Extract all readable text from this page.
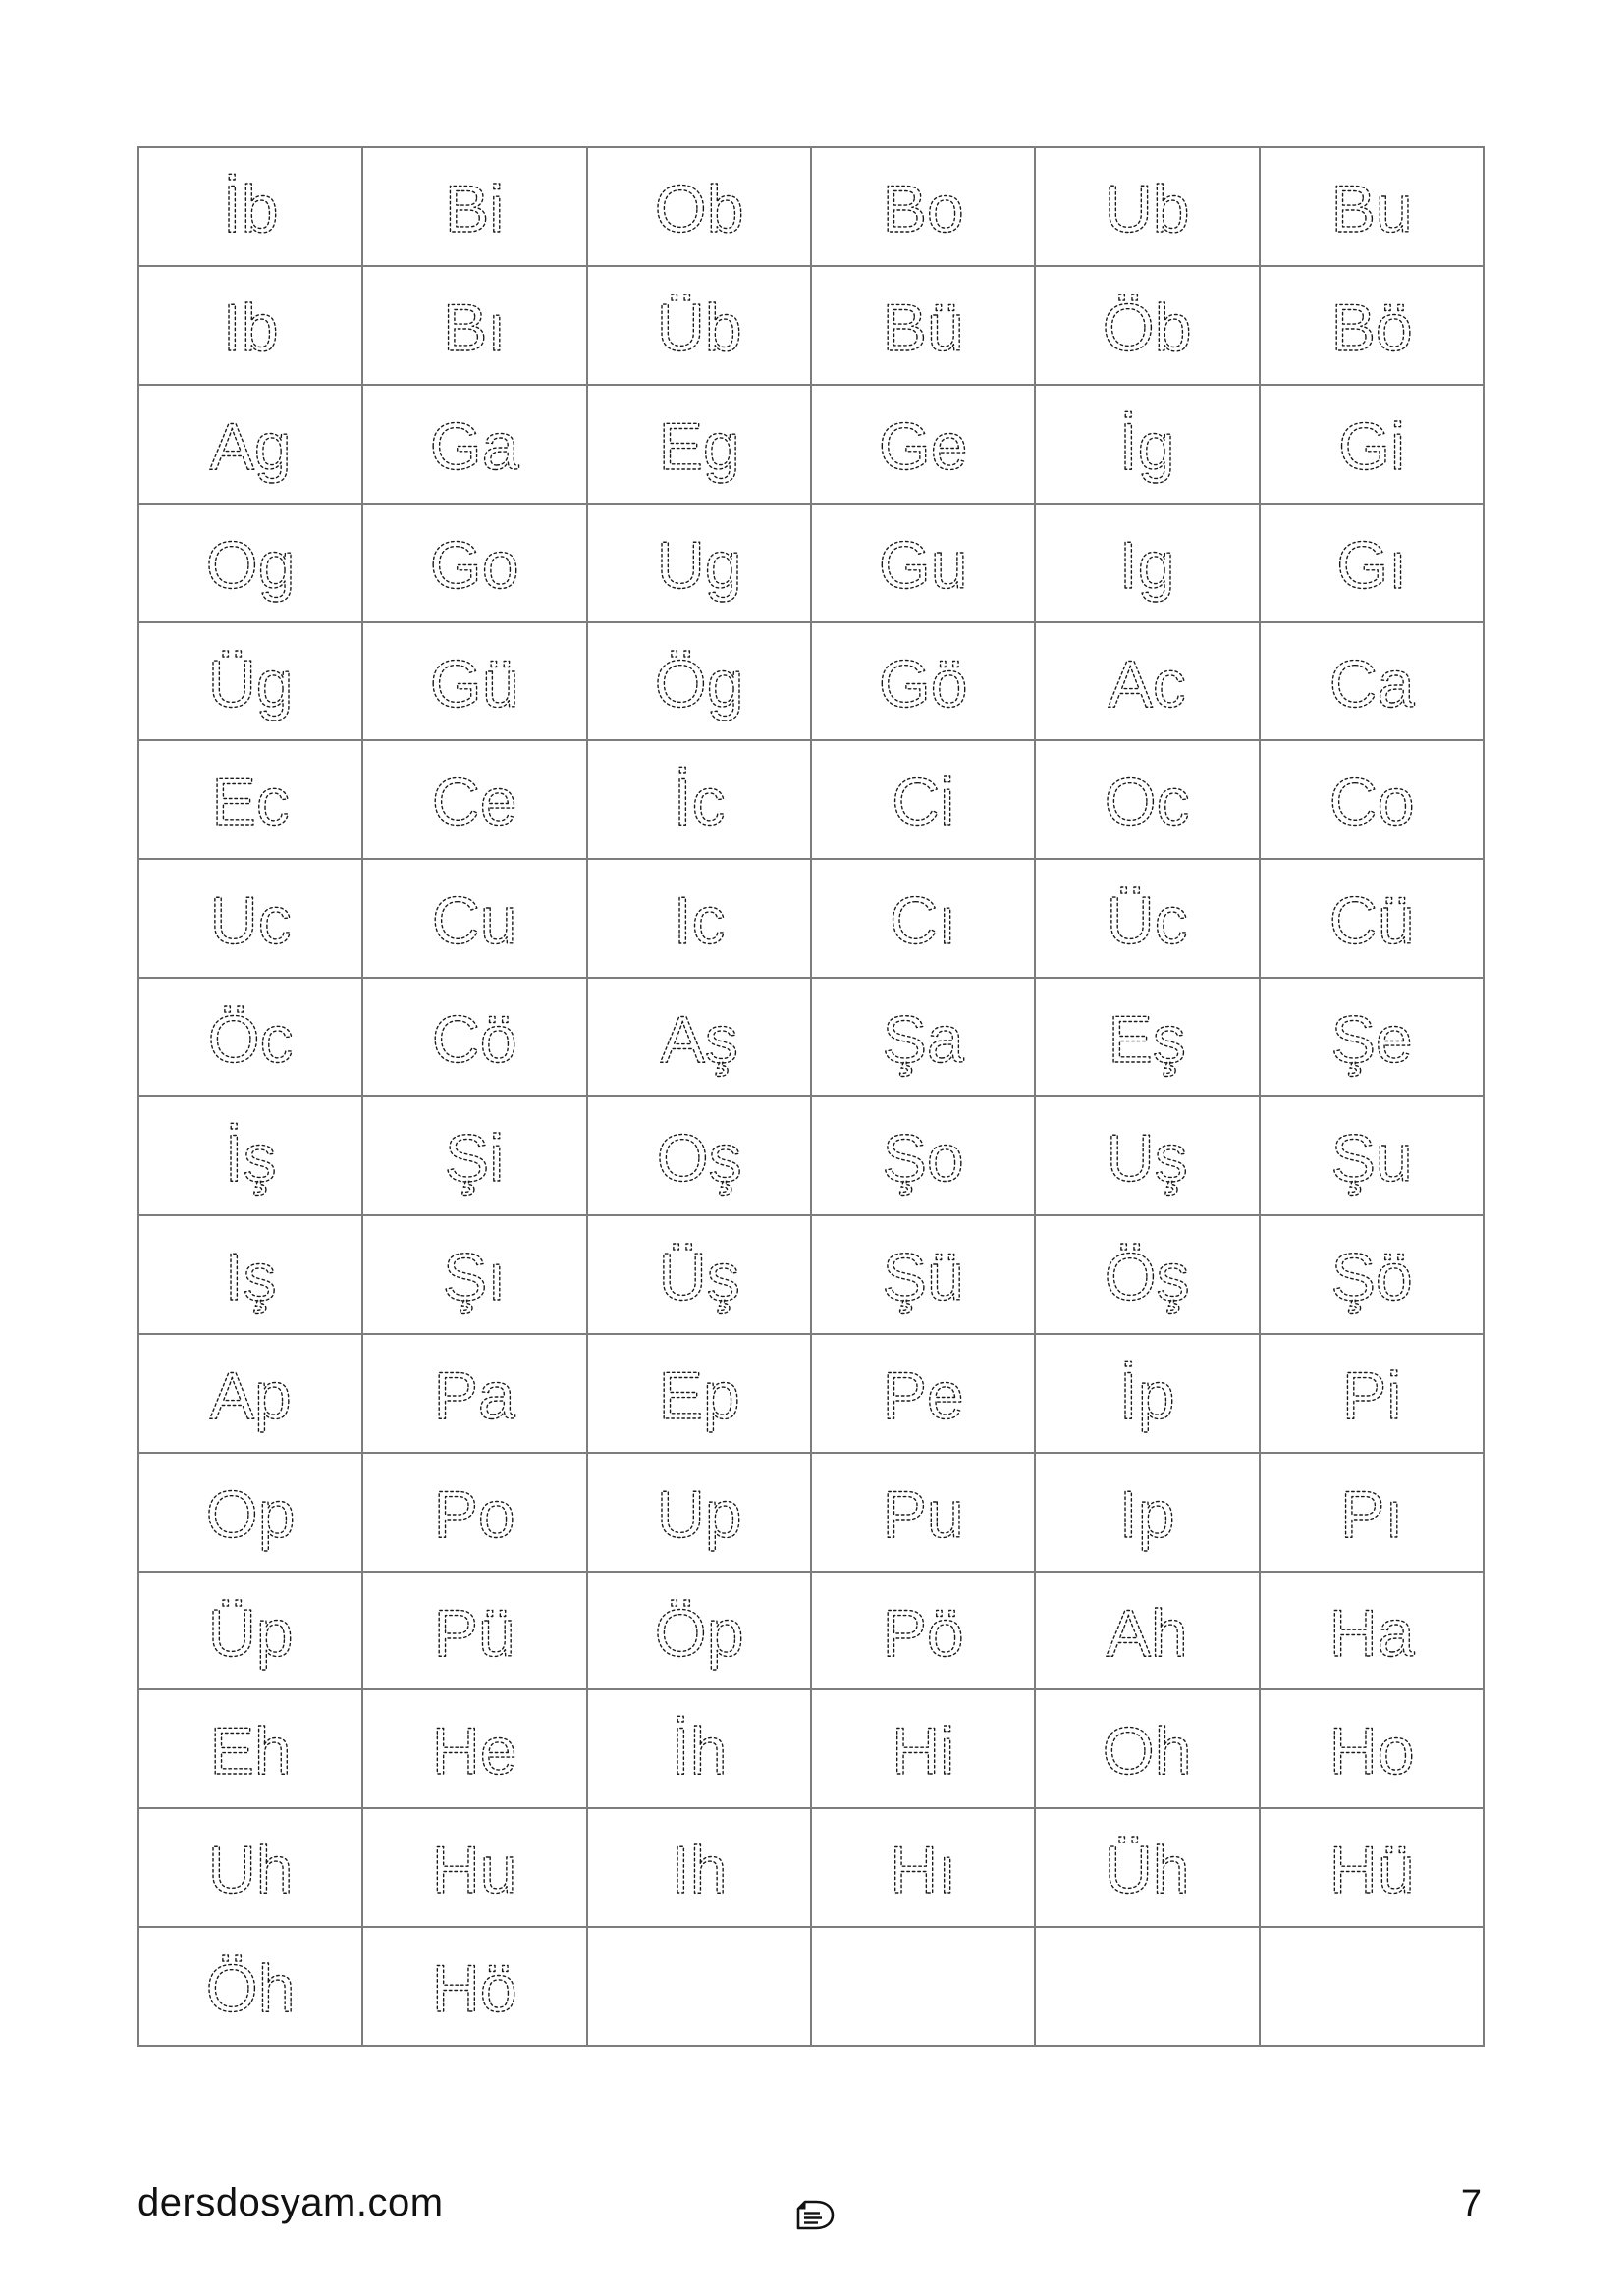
İb Bi Ob Bo Ub Bu
Ib Bı Üb Bü Öb Bö
Ag Ga Eg Ge İg Gi
Og Go Ug Gu Ig Gı
Üg Gü Ög Gö Ac Ca
Ec Ce İc Ci Oc Co
Uc Cu Ic Cı Üc Cü
Öc Cö Aş Şa Eş Şe
İş	Şi Oş Şo Uş Şu
Iş Şı Üş Şü Öş Şö
Ap Pa Ep Pe İp Pi
Op Po Up Pu Ip Pı
Üp Pü Öp Pö Ah Ha
Eh He İh Hi Oh Ho
Uh Hu Ih Hı Üh Hü
Öh Hö
dersdosyam.com	7
